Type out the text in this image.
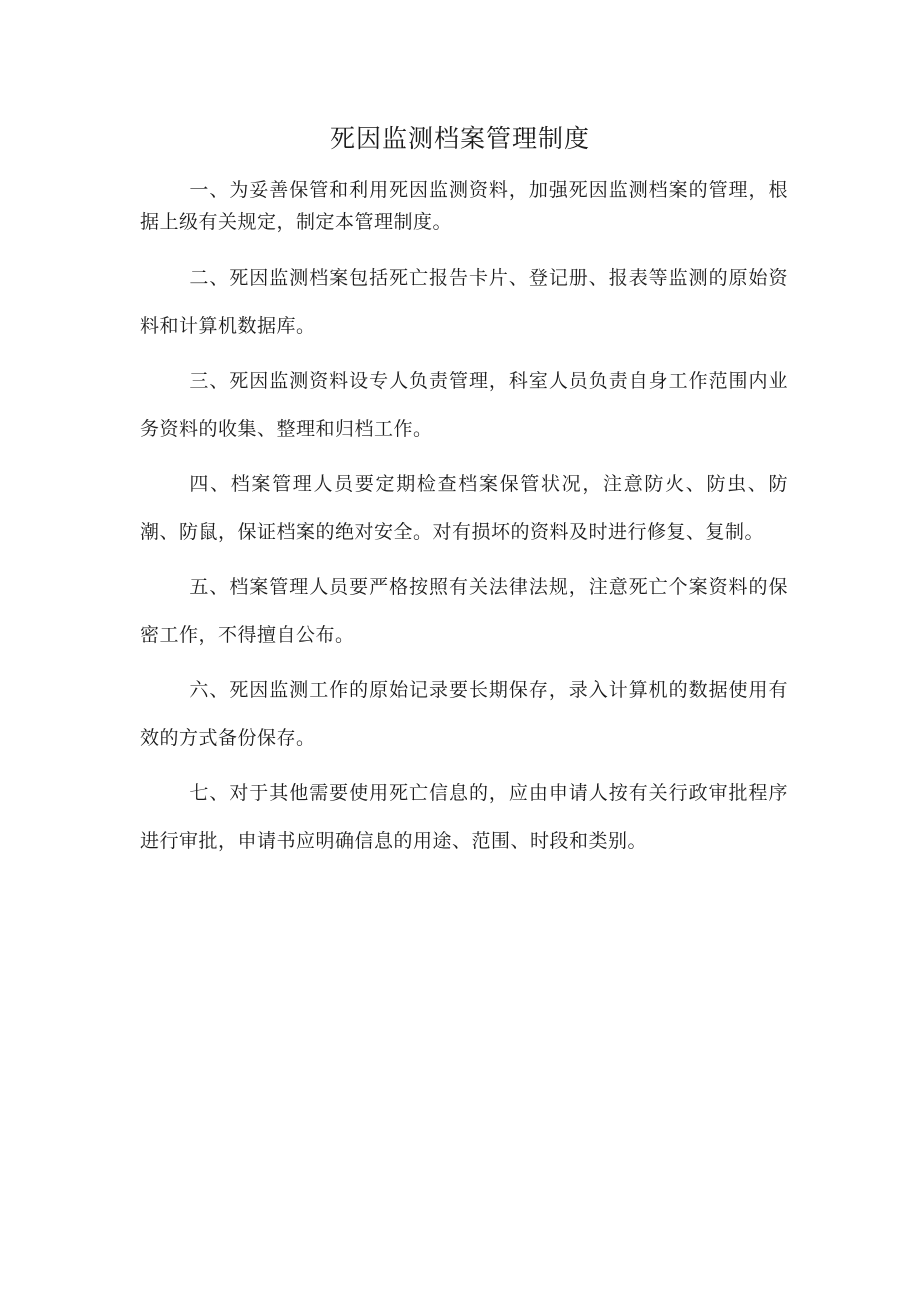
死因监测档案管理制度

一、为妥善保管和利用死因监测资料，加强死因监测档案的管理，根据上级有关规定，制定本管理制度。

二、死因监测档案包括死亡报告卡片、登记册、报表等监测的原始资料和计算机数据库。

三、死因监测资料设专人负责管理，科室人员负责自身工作范围内业务资料的收集、整理和归档工作。

四、档案管理人员要定期检查档案保管状况，注意防火、防虫、防潮、防鼠，保证档案的绝对安全。对有损坏的资料及时进行修复、复制。

五、档案管理人员要严格按照有关法律法规，注意死亡个案资料的保密工作，不得擅自公布。

六、死因监测工作的原始记录要长期保存，录入计算机的数据使用有效的方式备份保存。

七、对于其他需要使用死亡信息的，应由申请人按有关行政审批程序进行审批，申请书应明确信息的用途、范围、时段和类别。
